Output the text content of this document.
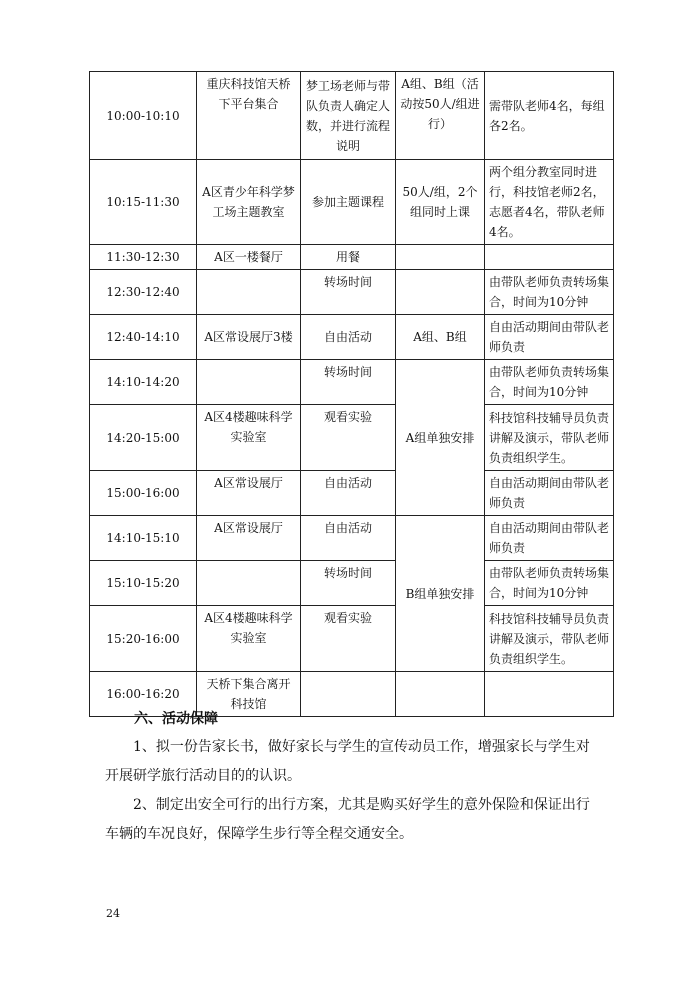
10:00-10:10	重庆科技馆天桥下平台集合	梦工场老师与带队负责人确定人数，并进行流程说明	A组、B组（活动按50人/组进行）	需带队老师4名，每组各2名。
10:15-11:30	A区青少年科学梦工场主题教室	参加主题课程	50人/组，2个组同时上课	两个组分教室同时进行，科技馆老师2名，志愿者4名，带队老师4名。
11:30-12:30	A区一楼餐厅	用餐		
12:30-12:40		转场时间		由带队老师负责转场集合，时间为10分钟
12:40-14:10	A区常设展厅3楼	自由活动	A组、B组	自由活动期间由带队老师负责
14:10-14:20		转场时间	A组单独安排	由带队老师负责转场集合，时间为10分钟
14:20-15:00	A区4楼趣味科学实验室	观看实验		科技馆科技辅导员负责讲解及演示，带队老师负责组织学生。
15:00-16:00	A区常设展厅	自由活动		自由活动期间由带队老师负责
14:10-15:10	A区常设展厅	自由活动	B组单独安排	自由活动期间由带队老师负责
15:10-15:20		转场时间		由带队老师负责转场集合，时间为10分钟
15:20-16:00	A区4楼趣味科学实验室	观看实验		科技馆科技辅导员负责讲解及演示，带队老师负责组织学生。
16:00-16:20	天桥下集合离开科技馆			
六、活动保障
1、拟一份告家长书，做好家长与学生的宣传动员工作，增强家长与学生对开展研学旅行活动目的的认识。
2、制定出安全可行的出行方案，尤其是购买好学生的意外保险和保证出行车辆的车况良好，保障学生步行等全程交通安全。
24
